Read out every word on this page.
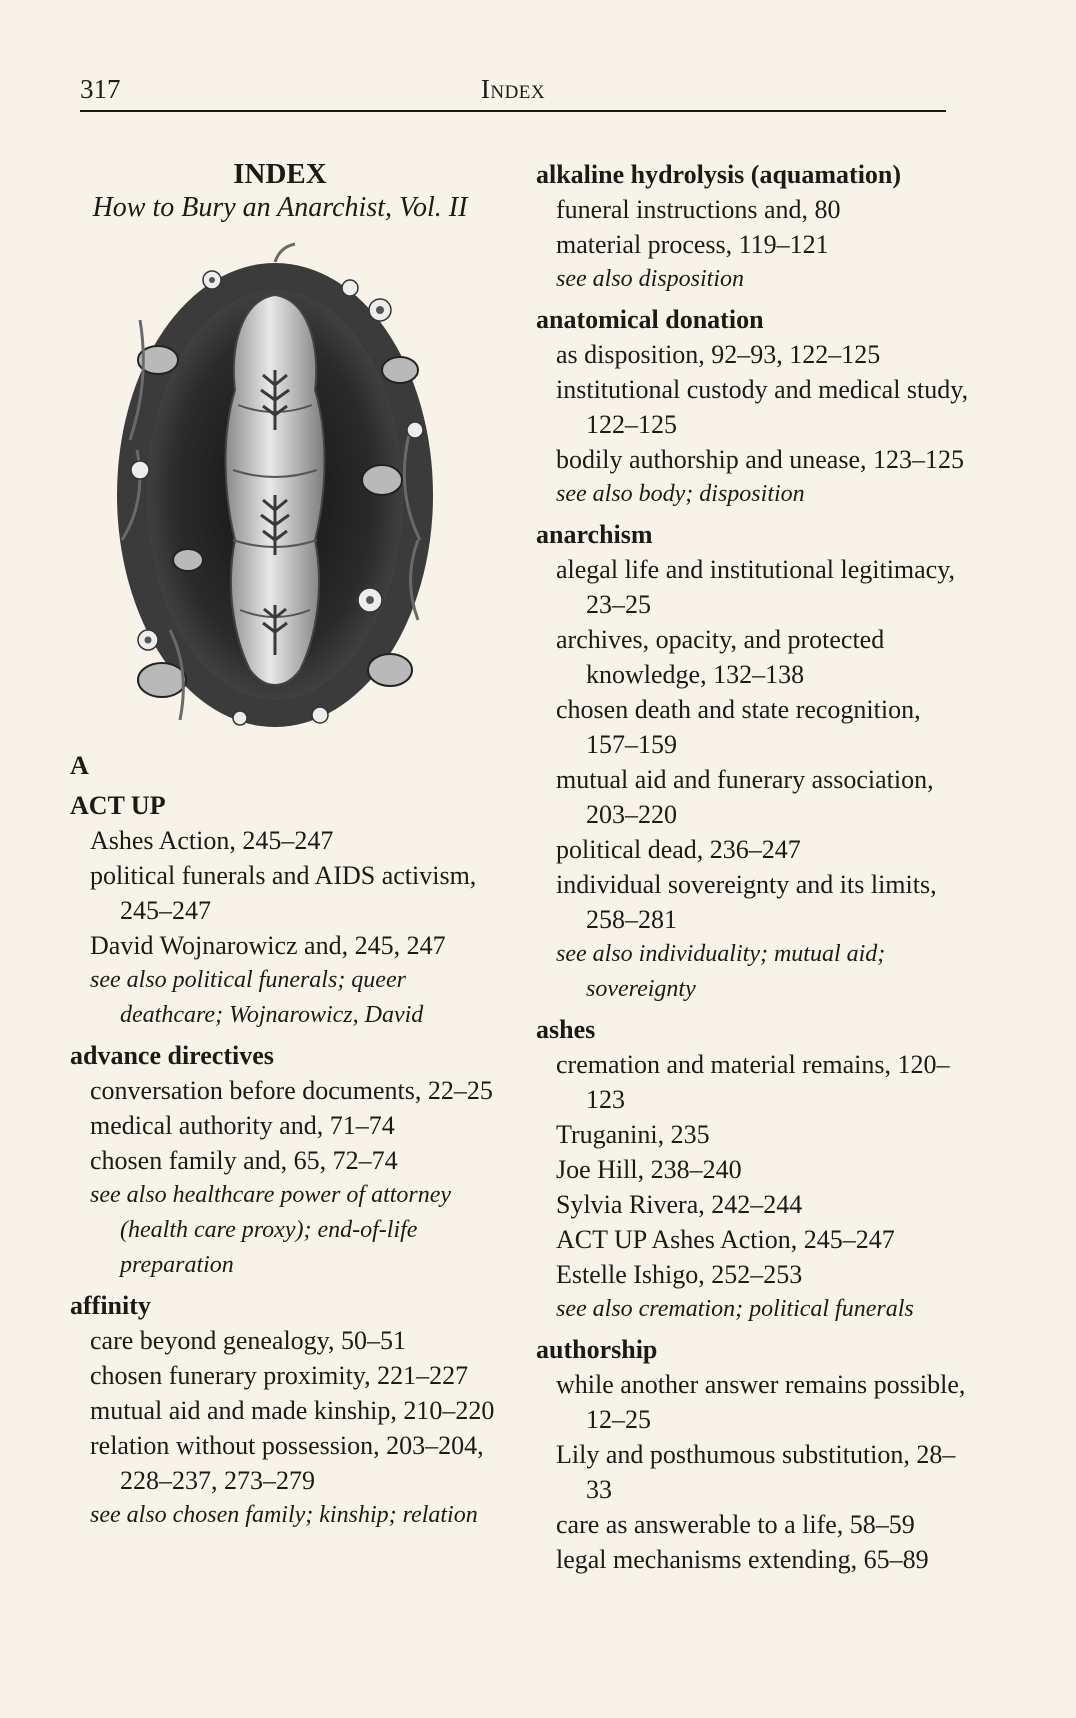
317	Index
INDEX
How to Bury an Anarchist, Vol. II
A
ACT UP
Ashes Action, 245–247
political funerals and AIDS activism, 245–247
David Wojnarowicz and, 245, 247
see also political funerals; queer deathcare; Wojnarowicz, David
advance directives
conversation before documents, 22–25
medical authority and, 71–74
chosen family and, 65, 72–74
see also healthcare power of attorney (health care proxy); end-of-life preparation
affinity
care beyond genealogy, 50–51
chosen funerary proximity, 221–227
mutual aid and made kinship, 210–220
relation without possession, 203–204, 228–237, 273–279
see also chosen family; kinship; relation
alkaline hydrolysis (aquamation)
funeral instructions and, 80
material process, 119–121
see also disposition
anatomical donation
as disposition, 92–93, 122–125
institutional custody and medical study, 122–125
bodily authorship and unease, 123–125
see also body; disposition
anarchism
alegal life and institutional legitimacy, 23–25
archives, opacity, and protected knowledge, 132–138
chosen death and state recognition, 157–159
mutual aid and funerary association, 203–220
political dead, 236–247
individual sovereignty and its limits, 258–281
see also individuality; mutual aid; sovereignty
ashes
cremation and material remains, 120–123
Truganini, 235
Joe Hill, 238–240
Sylvia Rivera, 242–244
ACT UP Ashes Action, 245–247
Estelle Ishigo, 252–253
see also cremation; political funerals
authorship
while another answer remains possible, 12–25
Lily and posthumous substitution, 28–33
care as answerable to a life, 58–59
legal mechanisms extending, 65–89
